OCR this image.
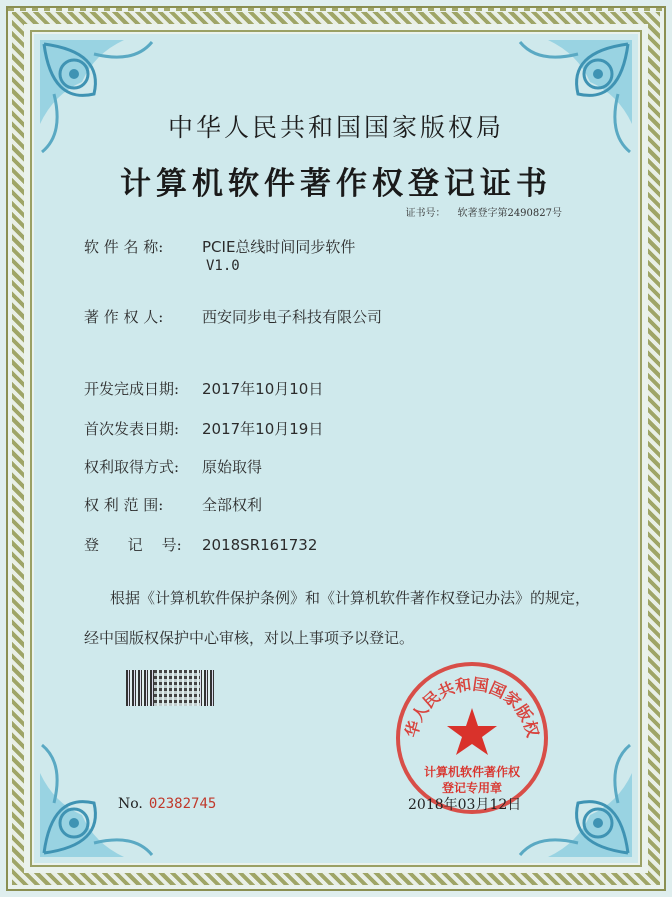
中华人民共和国国家版权局
计算机软件著作权登记证书
证书号： 软著登字第2490827号
软 件 名 称:	PCIE总线时间同步软件
V1.0
著 作 权 人:	西安同步电子科技有限公司
开发完成日期: 2017年10月10日
首次发表日期: 2017年10月19日
权利取得方式: 原始取得
权 利 范 围:	全部权利
登      记    号: 2018SR161732
根据《计算机软件保护条例》和《计算机软件著作权登记办法》的规定，经中国版权保护中心审核，对以上事项予以登记。
华人民共和国国家版权
计算机软件著作权
登记专用章
No. 02382745	2018年03月12日
